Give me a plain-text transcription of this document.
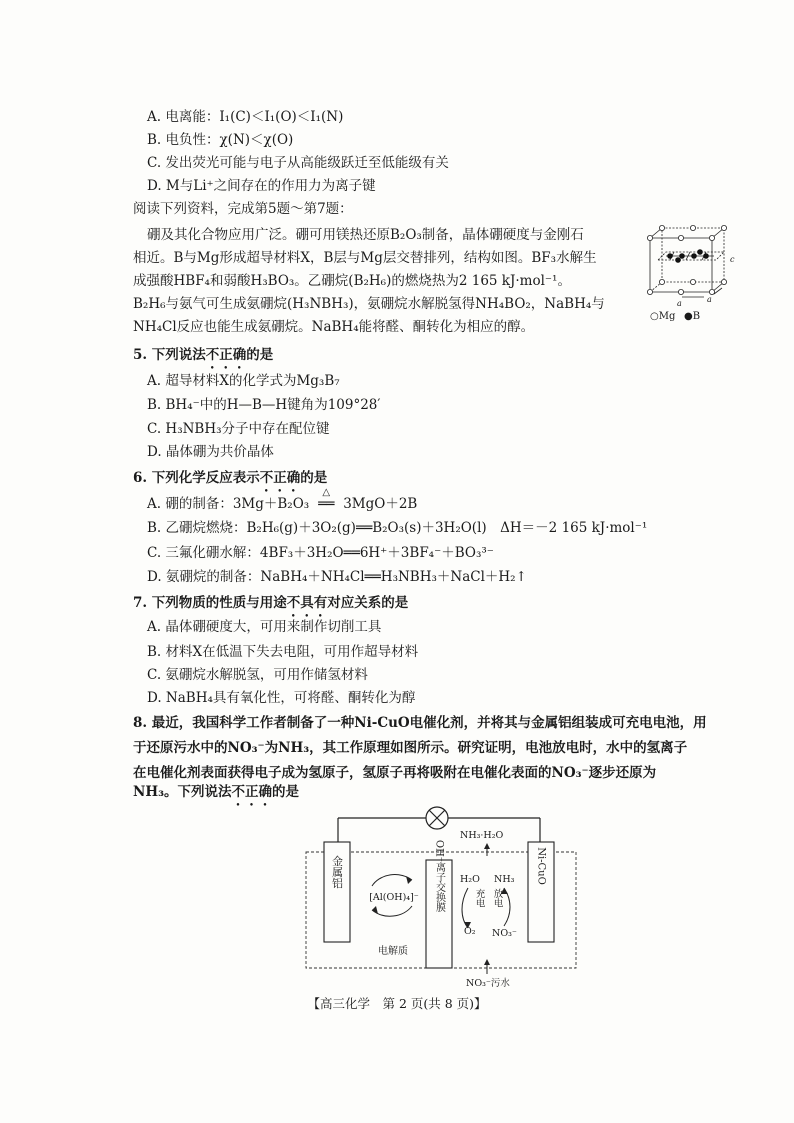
A. 电离能：I₁(C)＜I₁(O)＜I₁(N)
B. 电负性：χ(N)＜χ(O)
C. 发出荧光可能与电子从高能级跃迁至低能级有关
D. M与Li⁺之间存在的作用力为离子键
阅读下列资料，完成第5题～第7题：
硼及其化合物应用广泛。硼可用镁热还原B₂O₃制备，晶体硼硬度与金刚石
相近。B与Mg形成超导材料X，B层与Mg层交替排列，结构如图。BF₃水解生
成强酸HBF₄和弱酸H₃BO₃。乙硼烷(B₂H₆)的燃烧热为2 165 kJ·mol⁻¹。
B₂H₆与氨气可生成氨硼烷(H₃NBH₃)，氨硼烷水解脱氢得NH₄BO₂，NaBH₄与
NH₄Cl反应也能生成氨硼烷。NaBH₄能将醛、酮转化为相应的醇。
a	a
c
○Mg ●B
5. 下列说法不正确的是
A. 超导材料X的化学式为Mg₃B₇
B. BH₄⁻中的H—B—H键角为109°28′
C. H₃NBH₃分子中存在配位键
D. 晶体硼为共价晶体
6. 下列化学反应表示不正确的是
A. 硼的制备：3Mg＋B₂O₃
△
══ 3MgO＋2B
B. 乙硼烷燃烧：B₂H₆(g)＋3O₂(g)══B₂O₃(s)＋3H₂O(l)　ΔH＝－2 165 kJ·mol⁻¹
C. 三氟化硼水解：4BF₃＋3H₂O══6H⁺＋3BF₄⁻＋BO₃³⁻
D. 氨硼烷的制备：NaBH₄＋NH₄Cl══H₃NBH₃＋NaCl＋H₂↑
7. 下列物质的性质与用途不具有对应关系的是
A. 晶体硼硬度大，可用来制作切削工具
B. 材料X在低温下失去电阻，可用作超导材料
C. 氨硼烷水解脱氢，可用作储氢材料
D. NaBH₄具有氧化性，可将醛、酮转化为醇
8. 最近，我国科学工作者制备了一种Ni-CuO电催化剂，并将其与金属铝组装成可充电电池，用
于还原污水中的NO₃⁻为NH₃，其工作原理如图所示。研究证明，电池放电时，水中的氢离子
在电催化剂表面获得电子成为氢原子，氢原子再将吸附在电催化表面的NO₃⁻逐步还原为
NH₃。下列说法不正确的是
金属铝	OH⁻离子交换膜	Ni-CuO
[Al(OH)₄]⁻
电解质
NH₃·H₂O
H₂O NH₃
充电 放电
O₂ NO₃⁻
NO₃⁻污水
【高三化学　第 2 页(共 8 页)】
